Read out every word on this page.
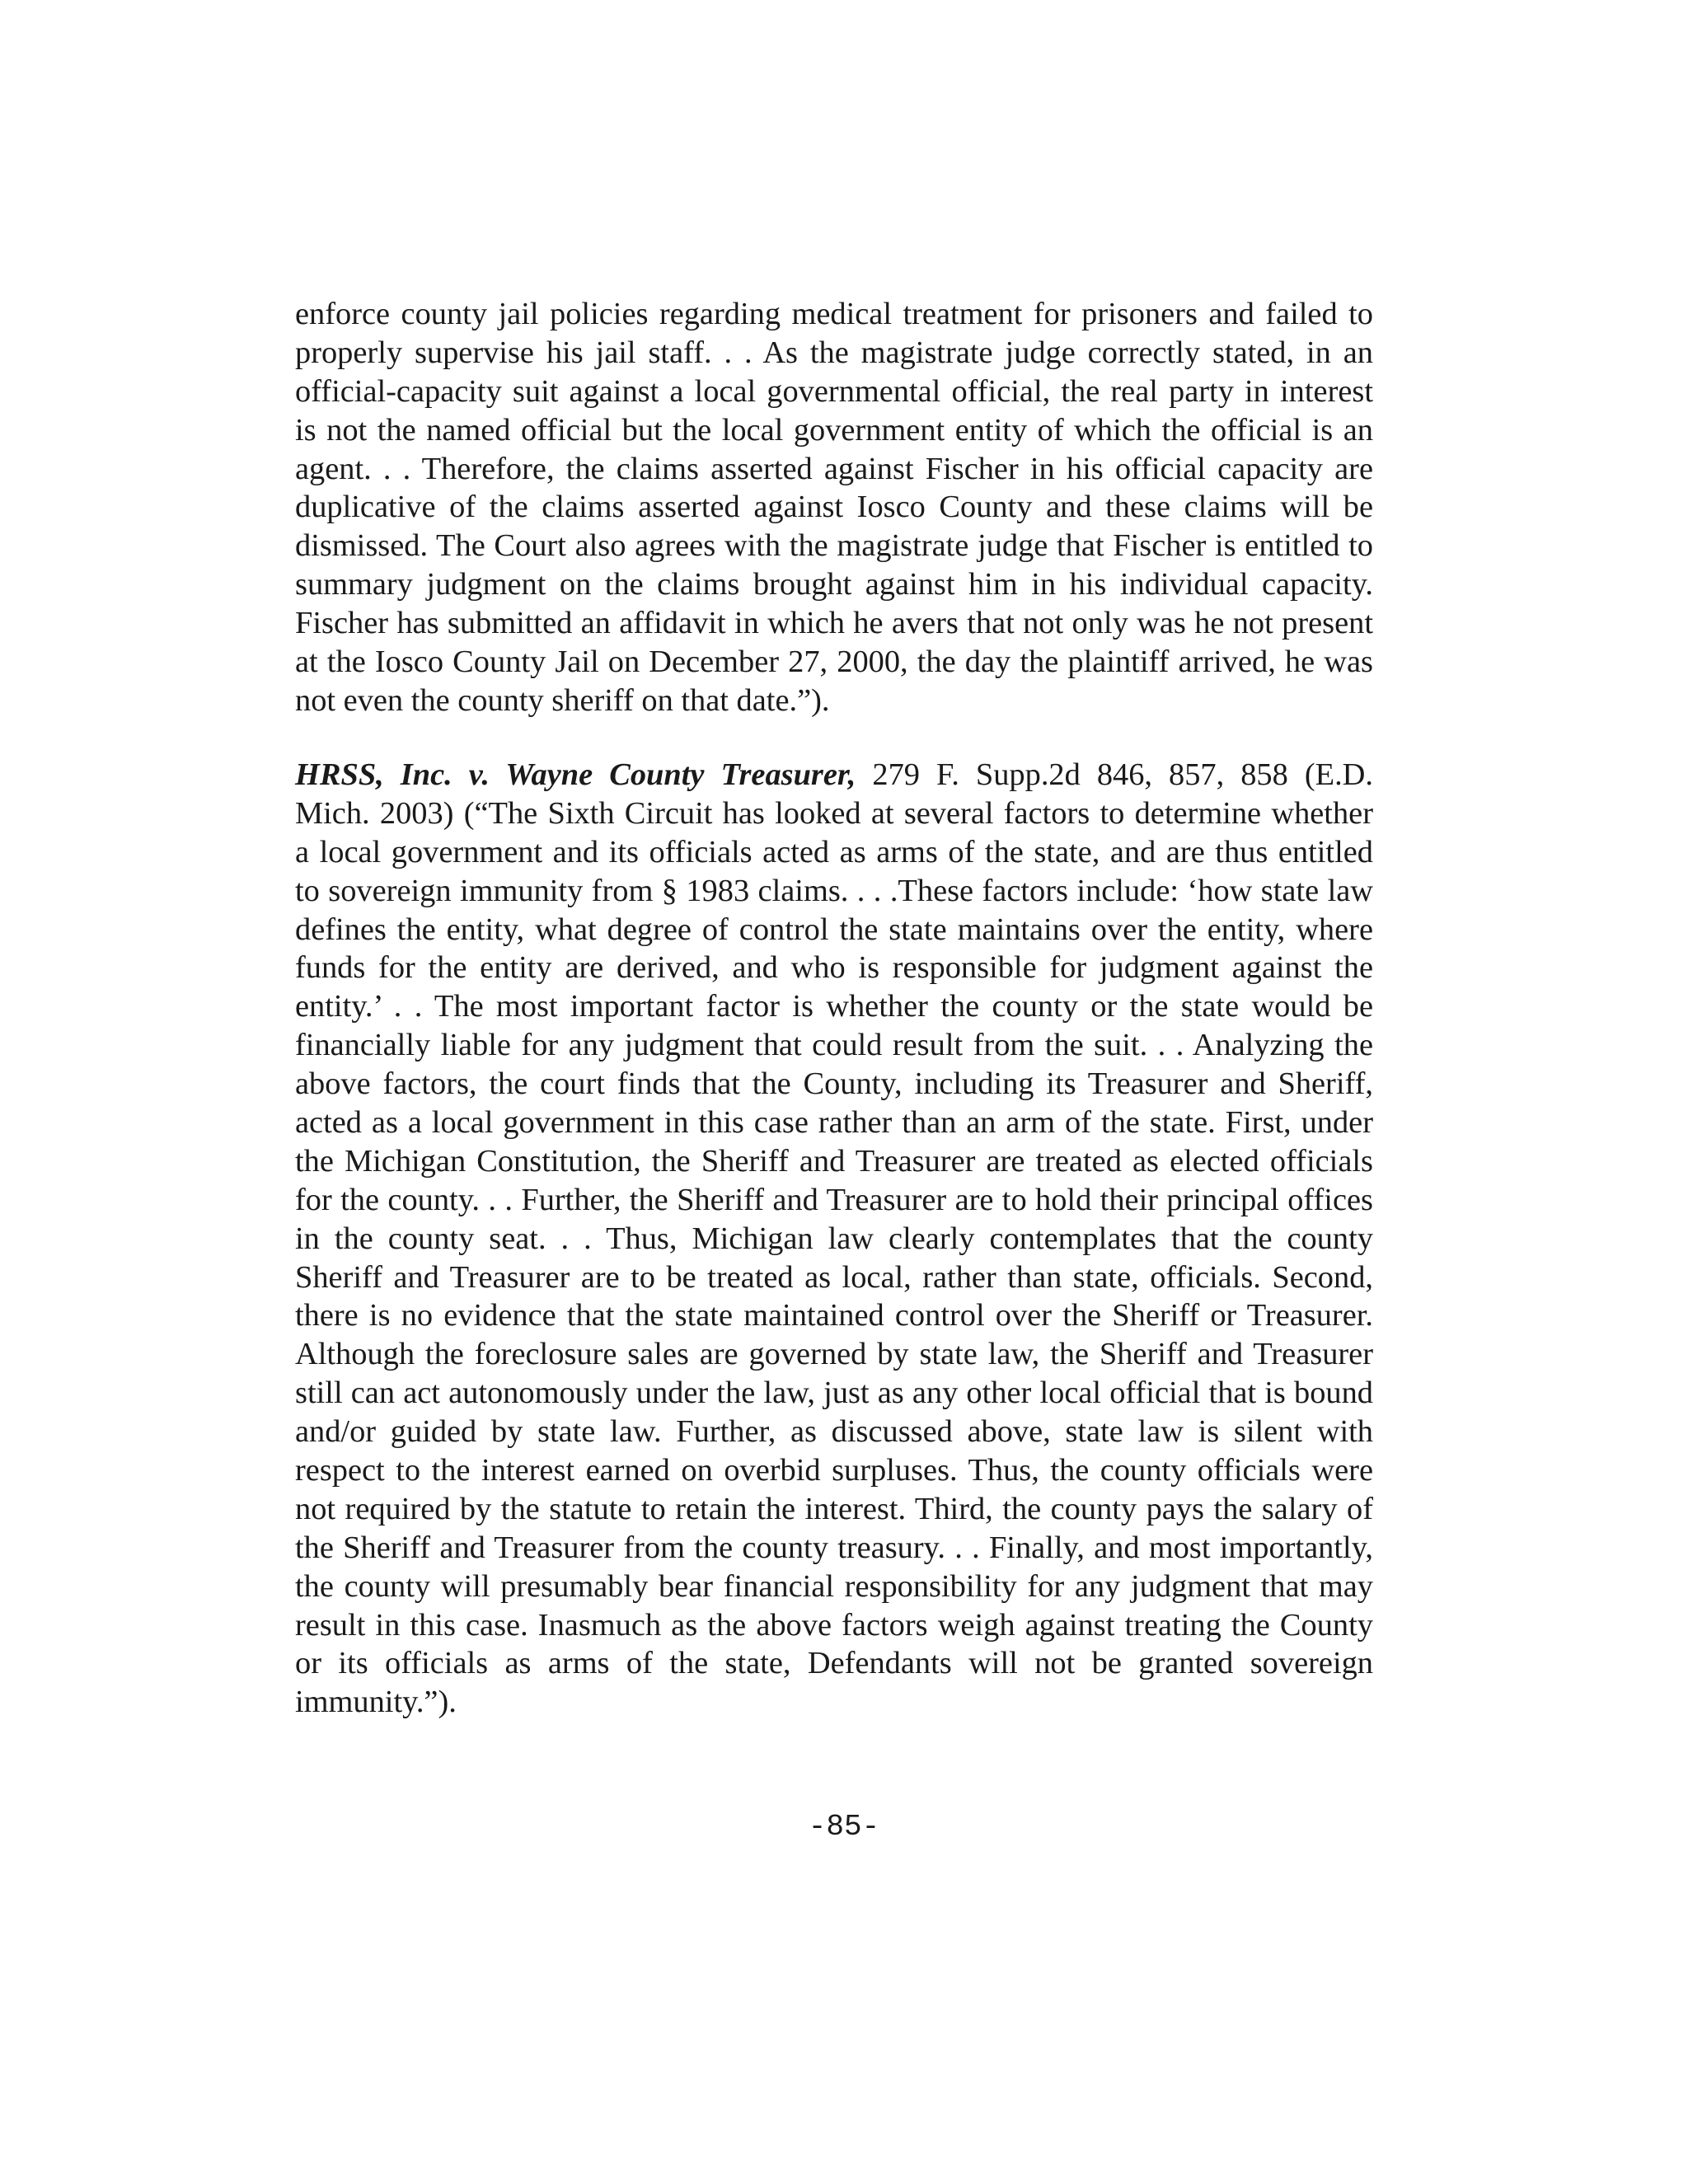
enforce county jail policies regarding medical treatment for prisoners and failed to
properly supervise his jail staff. . . As the magistrate judge correctly stated, in an
official-capacity suit against a local governmental official, the real party in interest
is not the named official but the local government entity of which the official is an
agent. . . Therefore, the claims asserted against Fischer in his official capacity are
duplicative of the claims asserted against Iosco County and these claims will be
dismissed. The Court also agrees with the magistrate judge that Fischer is entitled to
summary judgment on the claims brought against him in his individual capacity.
Fischer has submitted an affidavit in which he avers that not only was he not present
at the Iosco County Jail on December 27, 2000, the day the plaintiff arrived, he was
not even the county sheriff on that date.”).
HRSS, Inc. v. Wayne County Treasurer, 279 F. Supp.2d 846, 857, 858 (E.D.
Mich. 2003) (“The Sixth Circuit has looked at several factors to determine whether
a local government and its officials acted as arms of the state, and are thus entitled
to sovereign immunity from § 1983 claims. . . .These factors include: ‘how state law
defines the entity, what degree of control the state maintains over the entity, where
funds for the entity are derived, and who is responsible for judgment against the
entity.’ . . The most important factor is whether the county or the state would be
financially liable for any judgment that could result from the suit. . . Analyzing the
above factors, the court finds that the County, including its Treasurer and Sheriff,
acted as a local government in this case rather than an arm of the state. First, under
the Michigan Constitution, the Sheriff and Treasurer are treated as elected officials
for the county. . . Further, the Sheriff and Treasurer are to hold their principal offices
in the county seat. . . Thus, Michigan law clearly contemplates that the county
Sheriff and Treasurer are to be treated as local, rather than state, officials. Second,
there is no evidence that the state maintained control over the Sheriff or Treasurer.
Although the foreclosure sales are governed by state law, the Sheriff and Treasurer
still can act autonomously under the law, just as any other local official that is bound
and/or guided by state law. Further, as discussed above, state law is silent with
respect to the interest earned on overbid surpluses. Thus, the county officials were
not required by the statute to retain the interest. Third, the county pays the salary of
the Sheriff and Treasurer from the county treasury. . . Finally, and most importantly,
the county will presumably bear financial responsibility for any judgment that may
result in this case. Inasmuch as the above factors weigh against treating the County
or its officials as arms of the state, Defendants will not be granted sovereign
immunity.”).
-85-
